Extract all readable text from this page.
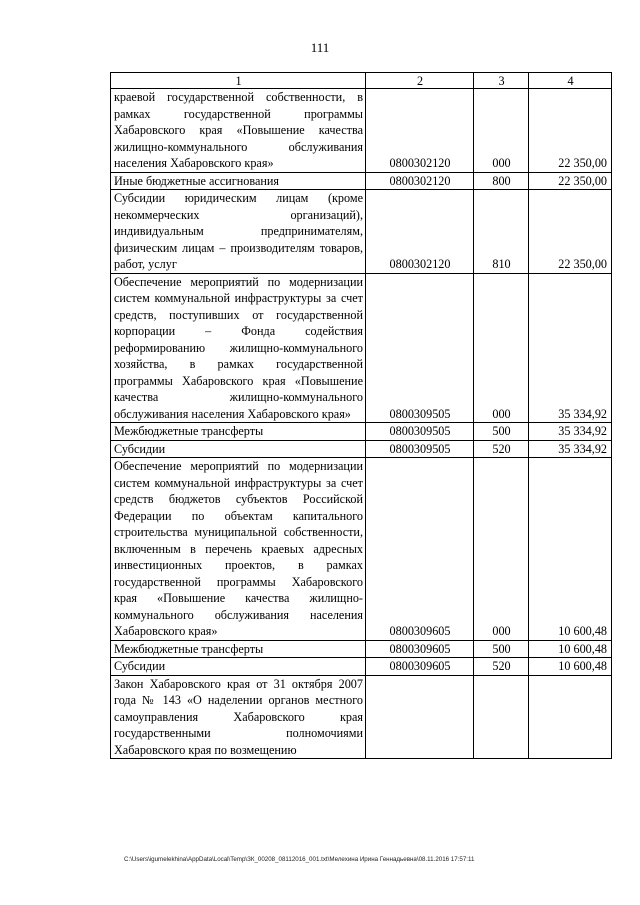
111
1	2	3	4
краевой государственной собственности, в рамках государственной программы Хабаровского края «Повышение качества жилищно-коммунального обслуживания населения Хабаровского края»	0800302120	000	22 350,00
Иные бюджетные ассигнования	0800302120	800	22 350,00
Субсидии юридическим лицам (кроме некоммерческих организаций), индивидуальным предпринимателям, физическим лицам – производителям товаров, работ, услуг	0800302120	810	22 350,00
Обеспечение мероприятий по модернизации систем коммунальной инфраструктуры за счет средств, поступивших от государственной корпорации – Фонда содействия реформированию жилищно-коммунального хозяйства, в рамках государственной программы Хабаровского края «Повышение качества жилищно-коммунального обслуживания населения Хабаровского края»	0800309505	000	35 334,92
Межбюджетные трансферты	0800309505	500	35 334,92
Субсидии	0800309505	520	35 334,92
Обеспечение мероприятий по модернизации систем коммунальной инфраструктуры за счет средств бюджетов субъектов Российской Федерации по объектам капитального строительства муниципальной собственности, включенным в перечень краевых адресных инвестиционных проектов, в рамках государственной программы Хабаровского края «Повышение качества жилищно-коммунального обслуживания населения Хабаровского края»	0800309605	000	10 600,48
Межбюджетные трансферты	0800309605	500	10 600,48
Субсидии	0800309605	520	10 600,48
Закон Хабаровского края от 31 октября 2007 года № 143 «О наделении органов местного самоуправления Хабаровского края государственными полномочиями Хабаровского края по возмещению			
C:\Users\igumelekhina\AppData\Local\Temp\ЗК_00208_08112016_001.txt\Мелехина Ирина Геннадьевна\08.11.2016 17:57:11
